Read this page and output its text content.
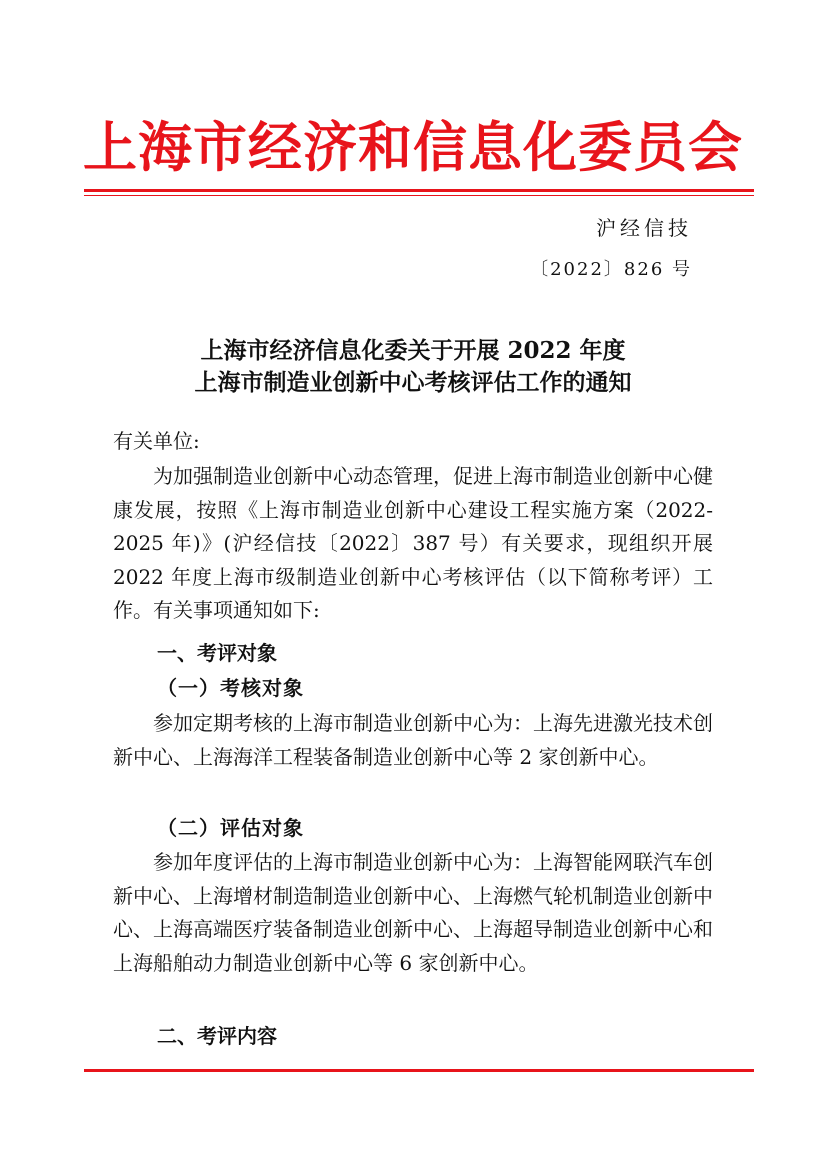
上海市经济和信息化委员会
沪经信技
〔2022〕826 号
上海市经济信息化委关于开展 2022 年度
上海市制造业创新中心考核评估工作的通知
有关单位:
为加强制造业创新中心动态管理，促进上海市制造业创新中心健康发展，按照《上海市制造业创新中心建设工程实施方案（2022-2025 年)》(沪经信技〔2022〕387 号）有关要求，现组织开展 2022 年度上海市级制造业创新中心考核评估（以下简称考评）工作。有关事项通知如下:
一、考评对象
（一）考核对象
参加定期考核的上海市制造业创新中心为：上海先进激光技术创新中心、上海海洋工程装备制造业创新中心等 2 家创新中心。
（二）评估对象
参加年度评估的上海市制造业创新中心为：上海智能网联汽车创新中心、上海增材制造制造业创新中心、上海燃气轮机制造业创新中心、上海高端医疗装备制造业创新中心、上海超导制造业创新中心和上海船舶动力制造业创新中心等 6 家创新中心。
二、考评内容
